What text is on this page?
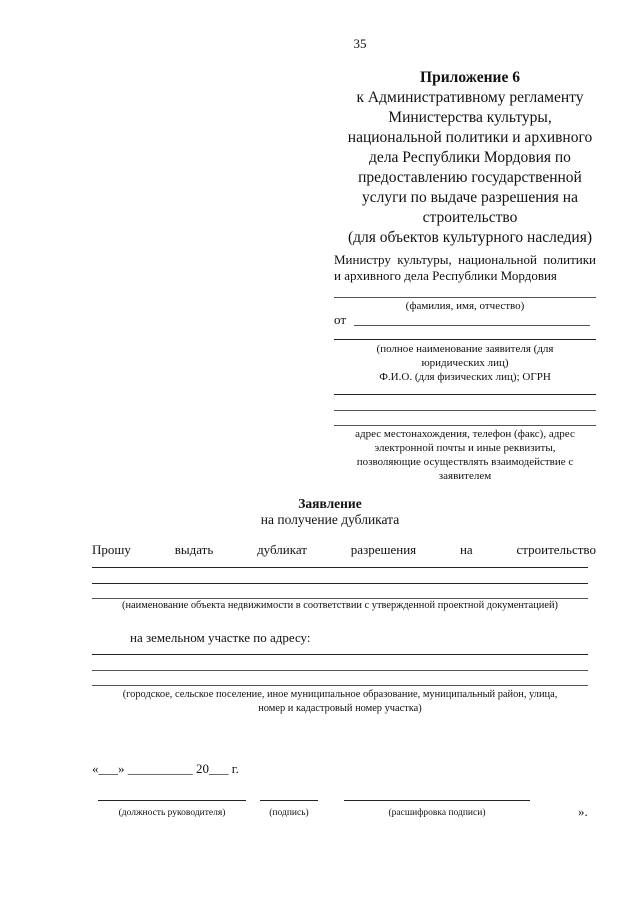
35
Приложение 6
к Административному регламенту
Министерства культуры,
национальной политики и архивного
дела Республики Мордовия по
предоставлению государственной
услуги по выдаче разрешения на
строительство
(для объектов культурного наследия)
Министру культуры, национальной политики и архивного дела Республики Мордовия
(фамилия, имя, отчество)
от
(полное наименование заявителя (для
юридических лиц)
Ф.И.О. (для физических лиц); ОГРН
адрес местонахождения, телефон (факс), адрес
электронной почты и иные реквизиты,
позволяющие осуществлять взаимодействие с
заявителем
Заявление
на получение дубликата
Прошу	выдать	дубликат	разрешения	на	строительство
(наименование объекта недвижимости в соответствии с утвержденной проектной документацией)
на земельном участке по адресу:
(городское, сельское поселение, иное муниципальное образование, муниципальный район, улица,
номер и кадастровый номер участка)
«___» __________ 20___ г.
(должность руководителя)	(подпись)	(расшифровка подписи)	».
